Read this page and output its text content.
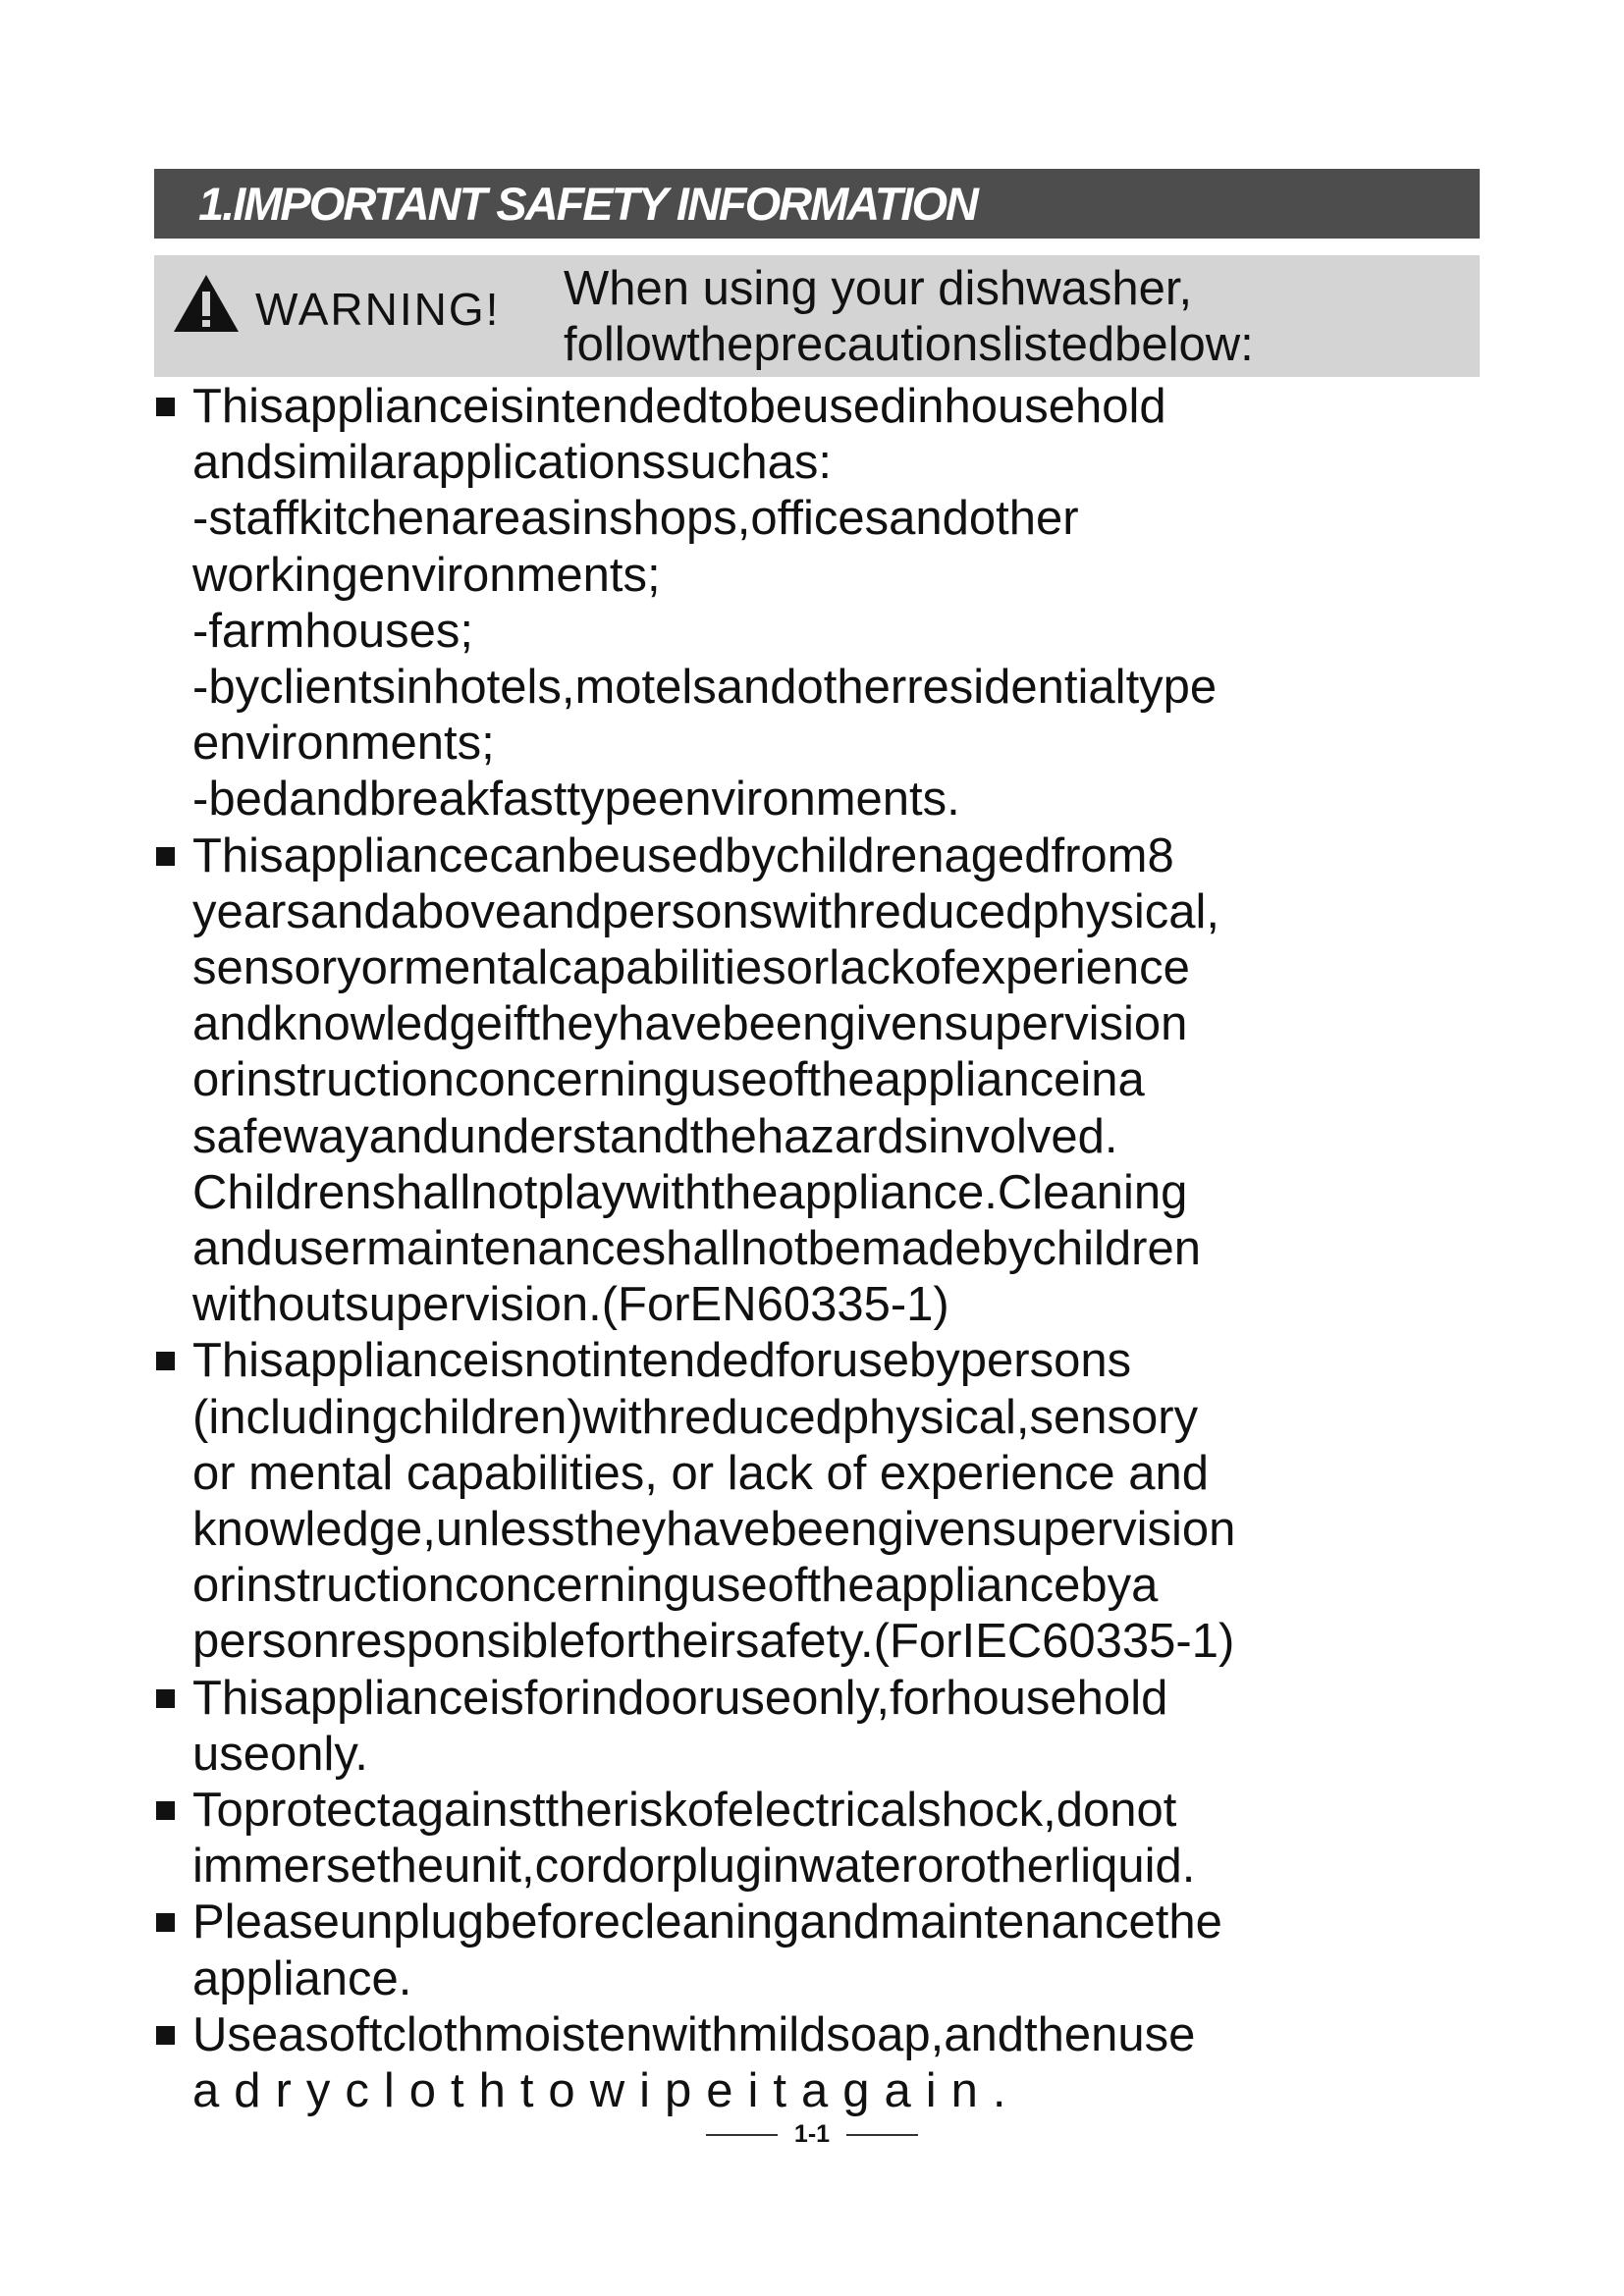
1.IMPORTANT SAFETY INFORMATION
WARNING! When using your dishwasher,
followtheprecautionslistedbelow:
Thisapplianceisintendedtobeusedinhousehold
andsimilarapplicationssuchas:
-staffkitchenareasinshops,officesandother
workingenvironments;
-farmhouses;
-byclientsinhotels,motelsandotherresidentialtype
environments;
-bedandbreakfasttypeenvironments.
Thisappliancecanbeusedbychildrenagedfrom8
yearsandaboveandpersonswithreducedphysical,
sensoryormentalcapabilitiesorlackofexperience
andknowledgeiftheyhavebeengivensupervision
orinstructionconcerninguseoftheapplianceina
safewayandunderstandthehazardsinvolved.
Childrenshallnotplaywiththeappliance.Cleaning
andusermaintenanceshallnotbemadebychildren
withoutsupervision.(ForEN60335-1)
Thisapplianceisnotintendedforusebypersons
(includingchildren)withreducedphysical,sensory
or mental capabilities, or lack of experience and
knowledge,unlesstheyhavebeengivensupervision
orinstructionconcerninguseoftheappliancebya
personresponsiblefortheirsafety.(ForIEC60335-1)
Thisapplianceisforindooruseonly,forhousehold
useonly.
Toprotectagainsttheriskofelectricalshock,donot
immersetheunit,cordorpluginwaterorotherliquid.
Pleaseunplugbeforecleaningandmaintenancethe
appliance.
Useasoftclothmoistenwithmildsoap,andthenuse
adryclothtowipeitagain.
1-1
